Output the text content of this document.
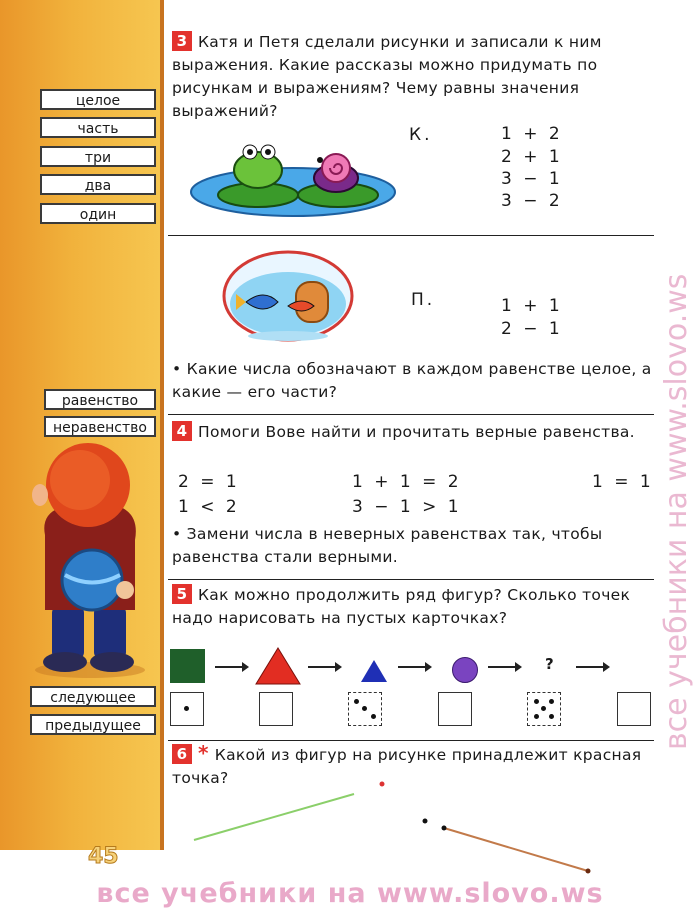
целое
часть
три
два
один
равенство
неравенство
следующее
предыдущее
3 Катя и Петя сделали рисунки и записали к ним выражения. Какие рассказы можно придумать по рисункам и выражениям? Чему равны значения выражений?
К.	1 + 2
2 + 1
3 − 1
3 − 2
П.	1 + 1
2 − 1
• Какие числа обозначают в каждом равенстве целое, а какие — его части?
4 Помоги Вове найти и прочитать верные равенства.
2 = 1	1 + 1 = 2	1 = 1
1 < 2	3 − 1 > 1
• Замени числа в неверных равенствах так, чтобы равенства стали верными.
5 Как можно продолжить ряд фигур? Сколько точек надо нарисовать на пустых карточках?
?
6 * Какой из фигур на рисунке принадлежит красная точка?
45
все учебники на www.slovo.ws
все учебники на www.slovo.ws
